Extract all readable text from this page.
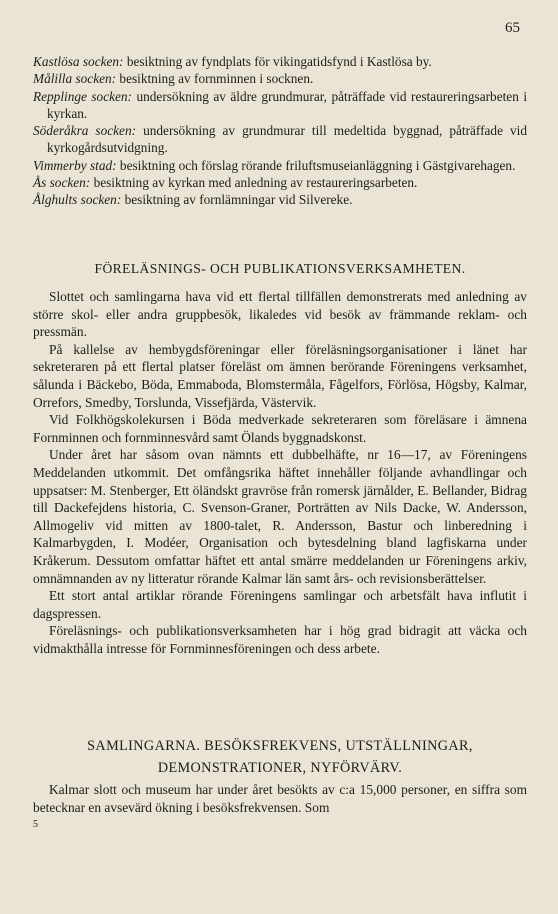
65

Kastlösa socken: besiktning av fyndplats för vikingatidsfynd i Kastlösa by.

Målilla socken: besiktning av fornminnen i socknen.

Repplinge socken: undersökning av äldre grundmurar, påträffade vid restaureringsarbeten i kyrkan.

Söderåkra socken: undersökning av grundmurar till medeltida byggnad, påträffade vid kyrkogårdsutvidgning.

Vimmerby stad: besiktning och förslag rörande friluftsmuseianläggning i Gästgivarehagen.

Ås socken: besiktning av kyrkan med anledning av restaureringsarbeten.

Ålghults socken: besiktning av fornlämningar vid Silvereke.

FÖRELÄSNINGS- OCH PUBLIKATIONSVERKSAMHETEN.

Slottet och samlingarna hava vid ett flertal tillfällen demonstrerats med anledning av större skol- eller andra gruppbesök, likaledes vid besök av främmande reklam- och pressmän.

På kallelse av hembygdsföreningar eller föreläsningsorganisationer i länet har sekreteraren på ett flertal platser föreläst om ämnen berörande Föreningens verksamhet, sålunda i Bäckebo, Böda, Emmaboda, Blomstermåla, Fågelfors, Förlösa, Högsby, Kalmar, Orrefors, Smedby, Torslunda, Vissefjärda, Västervik.

Vid Folkhögskolekursen i Böda medverkade sekreteraren som föreläsare i ämnena Fornminnen och fornminnesvård samt Ölands byggnadskonst.

Under året har såsom ovan nämnts ett dubbelhäfte, nr 16—17, av Föreningens Meddelanden utkommit. Det omfångsrika häftet innehåller följande avhandlingar och uppsatser: M. Stenberger, Ett öländskt gravröse från romersk järnålder, E. Bellander, Bidrag till Dackefejdens historia, C. Svenson-Graner, Porträtten av Nils Dacke, W. Andersson, Allmogeliv vid mitten av 1800-talet, R. Andersson, Bastur och linberedning i Kalmarbygden, I. Modéer, Organisation och bytesdelning bland lagfiskarna under Kråkerum. Dessutom omfattar häftet ett antal smärre meddelanden ur Föreningens arkiv, omnämnanden av ny litteratur rörande Kalmar län samt års- och revisionsberättelser.

Ett stort antal artiklar rörande Föreningens samlingar och arbetsfält hava influtit i dagspressen.

Föreläsnings- och publikationsverksamheten har i hög grad bidragit att väcka och vidmakthålla intresse för Fornminnesföreningen och dess arbete.

SAMLINGARNA. BESÖKSFREKVENS, UTSTÄLLNINGAR,
DEMONSTRATIONER, NYFÖRVÄRV.

Kalmar slott och museum har under året besökts av c:a 15,000 personer, en siffra som betecknar en avsevärd ökning i besöksfrekvensen. Som

5
